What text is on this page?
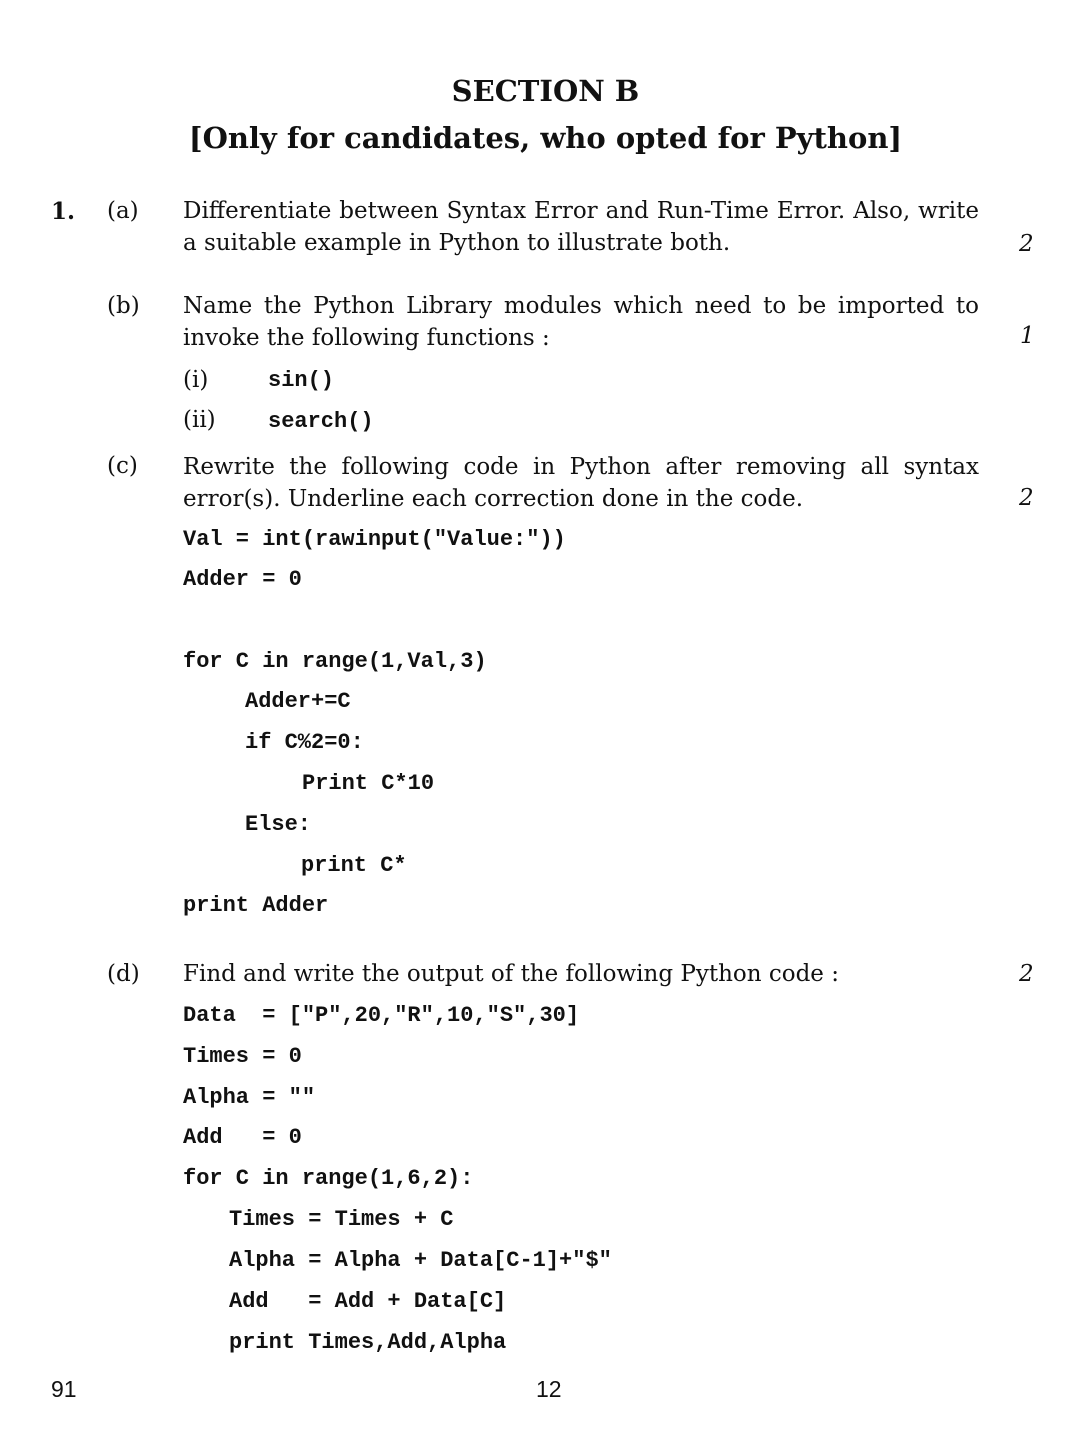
SECTION B
[Only for candidates, who opted for Python]
1. (a) Differentiate between Syntax Error and Run-Time Error. Also, write a suitable example in Python to illustrate both.	2
(b) Name the Python Library modules which need to be imported to invoke the following functions :	1
(i)	sin()
(ii) search()
(c) Rewrite the following code in Python after removing all syntax error(s). Underline each correction done in the code.	2
Val = int(rawinput("Value:"))
Adder = 0
for C in range(1,Val,3)
Adder+=C
if C%2=0:
Print C*10
Else:
print C*
print Adder
(d) Find and write the output of the following Python code :	2
Data  = ["P",20,"R",10,"S",30]
Times = 0
Alpha = ""
Add   = 0
for C in range(1,6,2):
Times = Times + C
Alpha = Alpha + Data[C-1]+"$"
Add   = Add + Data[C]
print Times,Add,Alpha
91	12
